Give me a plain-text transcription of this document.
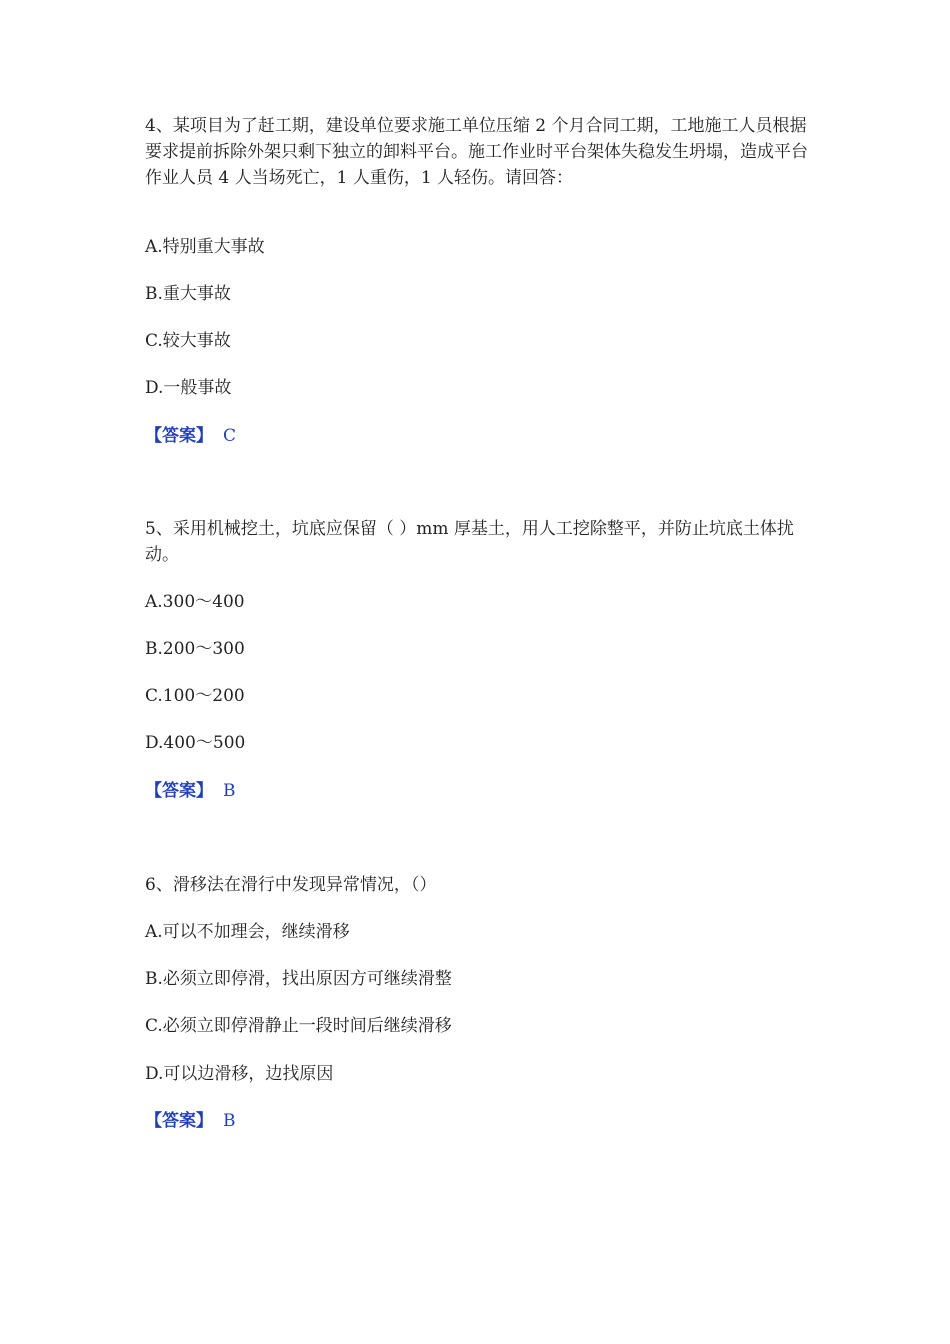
4、某项目为了赶工期，建设单位要求施工单位压缩 2 个月合同工期，工地施工人员根据要求提前拆除外架只剩下独立的卸料平台。施工作业时平台架体失稳发生坍塌，造成平台作业人员 4 人当场死亡，1 人重伤，1 人轻伤。请回答：
A.特别重大事故
B.重大事故
C.较大事故
D.一般事故
【答案】 C
5、采用机械挖土，坑底应保留（ ）mm 厚基土，用人工挖除整平，并防止坑底土体扰动。
A.300～400
B.200～300
C.100～200
D.400～500
【答案】 B
6、滑移法在滑行中发现异常情况，（）
A.可以不加理会，继续滑移
B.必须立即停滑，找出原因方可继续滑整
C.必须立即停滑静止一段时间后继续滑移
D.可以边滑移，边找原因
【答案】 B
